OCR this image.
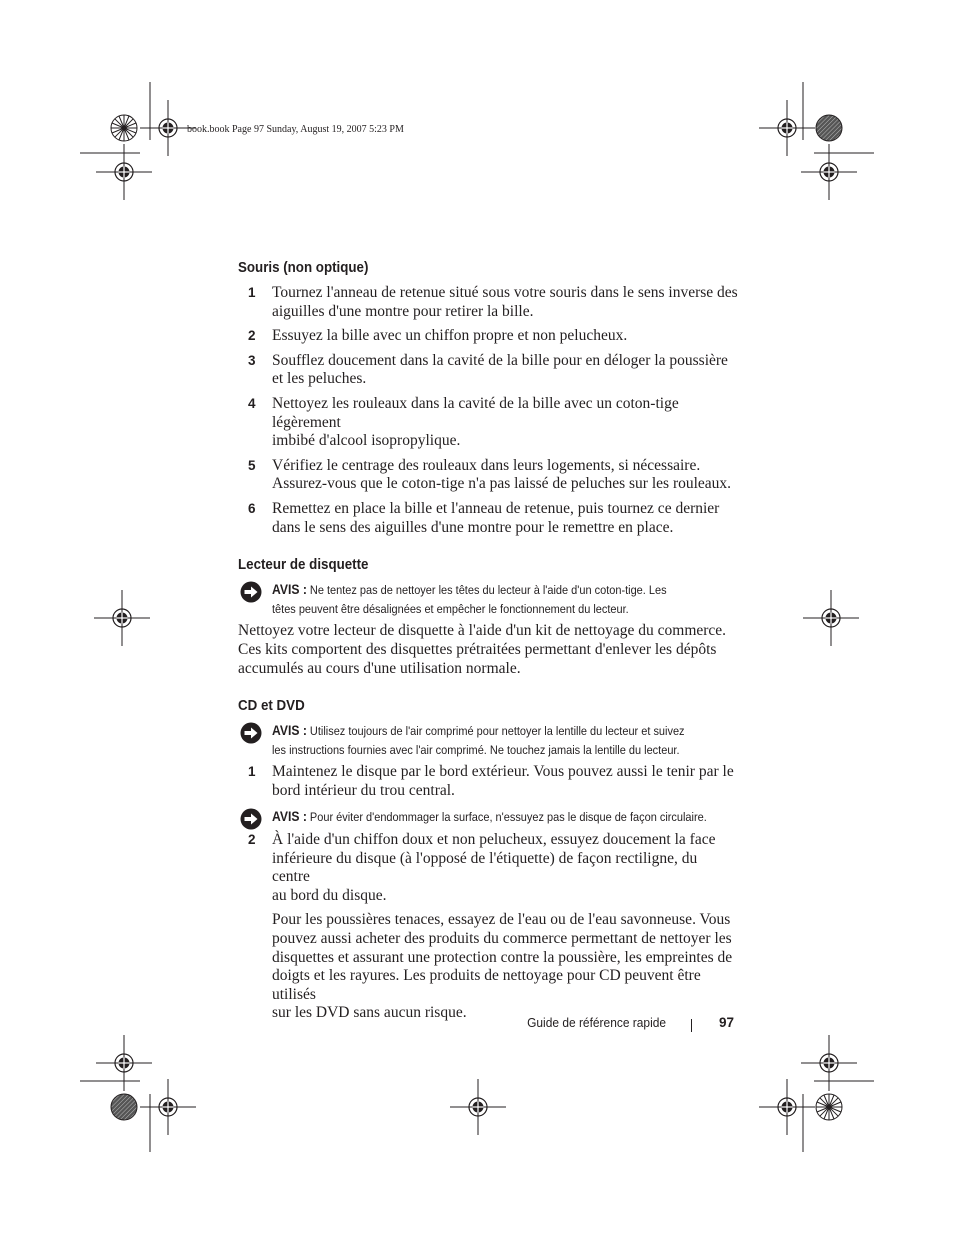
book.book Page 97 Sunday, August 19, 2007 5:23 PM
Souris (non optique)
1 Tournez l'anneau de retenue situé sous votre souris dans le sens inverse des
aiguilles d'une montre pour retirer la bille.
2 Essuyez la bille avec un chiffon propre et non pelucheux.
3 Soufflez doucement dans la cavité de la bille pour en déloger la poussière
et les peluches.
4 Nettoyez les rouleaux dans la cavité de la bille avec un coton-tige légèrement
imbibé d'alcool isopropylique.
5 Vérifiez le centrage des rouleaux dans leurs logements, si nécessaire.
Assurez-vous que le coton-tige n'a pas laissé de peluches sur les rouleaux.
6 Remettez en place la bille et l'anneau de retenue, puis tournez ce dernier
dans le sens des aiguilles d'une montre pour le remettre en place.
Lecteur de disquette
AVIS : Ne tentez pas de nettoyer les têtes du lecteur à l'aide d'un coton-tige. Les
têtes peuvent être désalignées et empêcher le fonctionnement du lecteur.
Nettoyez votre lecteur de disquette à l'aide d'un kit de nettoyage du commerce.
Ces kits comportent des disquettes prétraitées permettant d'enlever les dépôts
accumulés au cours d'une utilisation normale.
CD et DVD
AVIS : Utilisez toujours de l'air comprimé pour nettoyer la lentille du lecteur et suivez
les instructions fournies avec l'air comprimé. Ne touchez jamais la lentille du lecteur.
1 Maintenez le disque par le bord extérieur. Vous pouvez aussi le tenir par le
bord intérieur du trou central.
AVIS : Pour éviter d'endommager la surface, n'essuyez pas le disque de façon circulaire.
2 À l'aide d'un chiffon doux et non pelucheux, essuyez doucement la face
inférieure du disque (à l'opposé de l'étiquette) de façon rectiligne, du centre
au bord du disque.
Pour les poussières tenaces, essayez de l'eau ou de l'eau savonneuse. Vous
pouvez aussi acheter des produits du commerce permettant de nettoyer les
disquettes et assurant une protection contre la poussière, les empreintes de
doigts et les rayures. Les produits de nettoyage pour CD peuvent être utilisés
sur les DVD sans aucun risque.
Guide de référence rapide	97
